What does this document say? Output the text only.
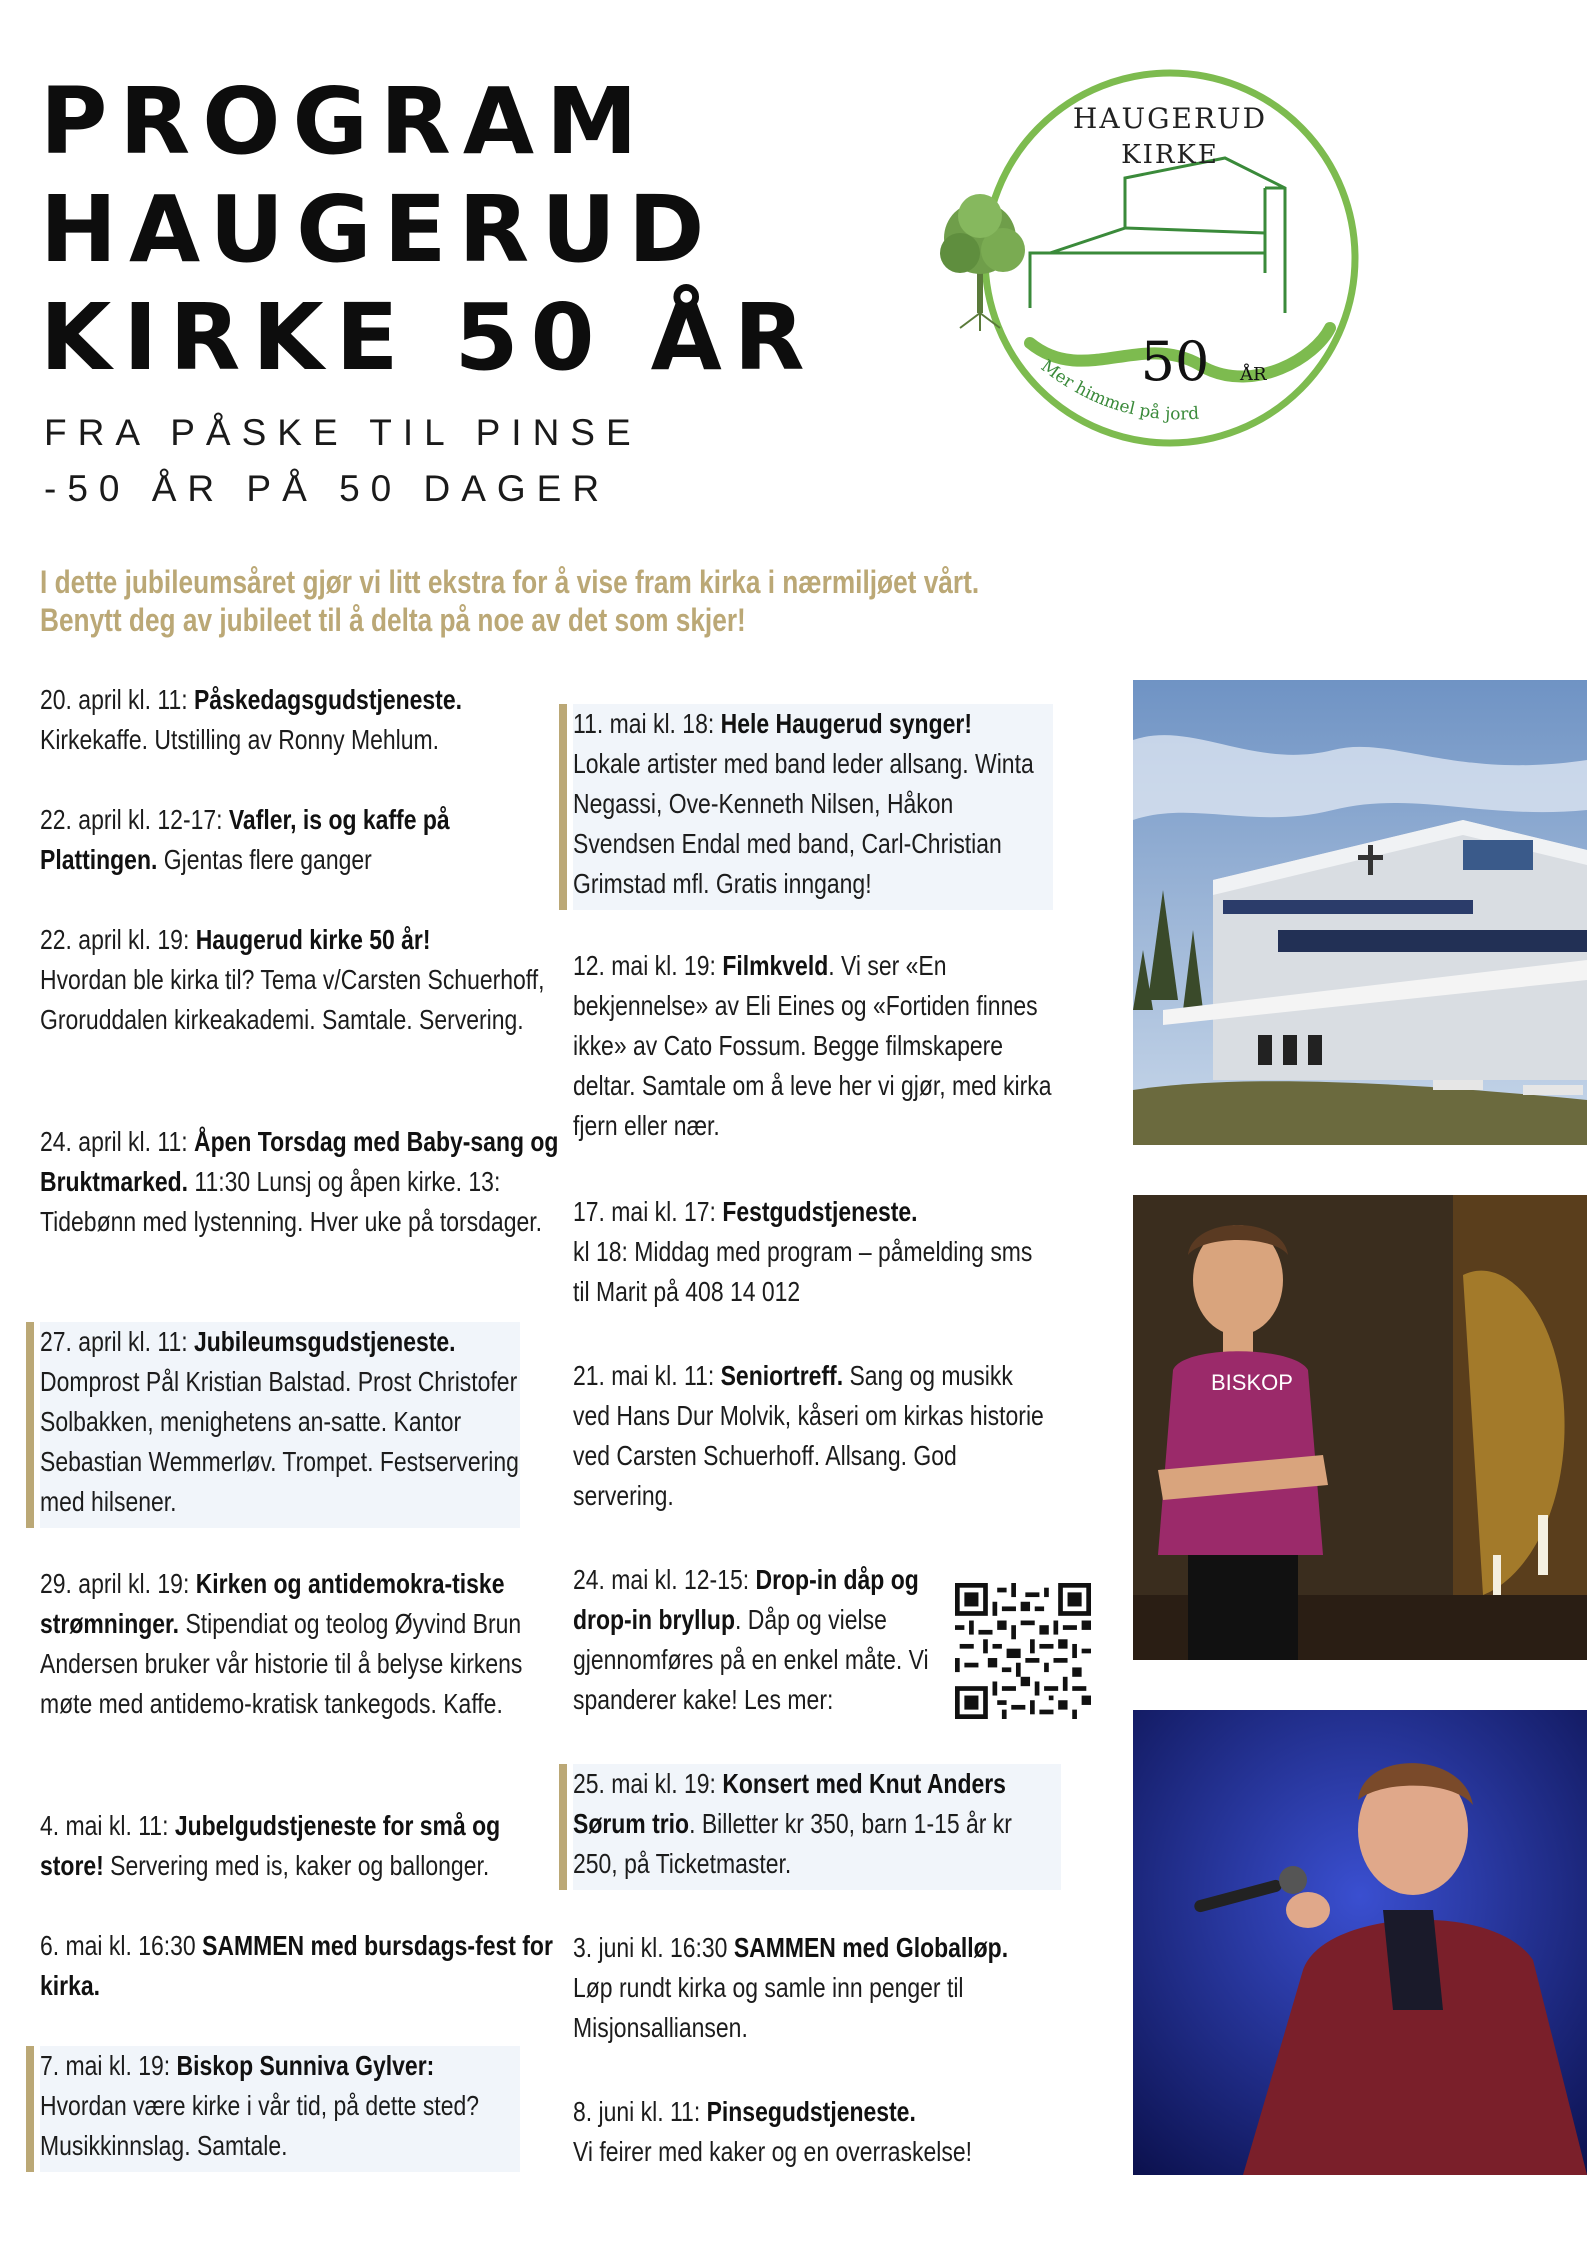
PROGRAM
HAUGERUD
KIRKE 50 ÅR
FRA PÅSKE TIL PINSE
-50 ÅR PÅ 50 DAGER
HAUGERUD
KIRKE
50 ÅR
Mer himmel på jord
I dette jubileumsåret gjør vi litt ekstra for å vise fram kirka i nærmiljøet vårt.
Benytt deg av jubileet til å delta på noe av det som skjer!
20. april kl. 11: Påskedagsgudstjeneste.
Kirkekaffe. Utstilling av Ronny Mehlum.
22. april kl. 12-17: Vafler, is og kaffe på Plattingen. Gjentas flere ganger
22. april kl. 19: Haugerud kirke 50 år!
Hvordan ble kirka til? Tema v/Carsten Schuerhoff, Groruddalen kirkeakademi. Samtale. Servering.
24. april kl. 11: Åpen Torsdag med Baby-sang og Bruktmarked. 11:30 Lunsj og åpen kirke. 13: Tidebønn med lystenning. Hver uke på torsdager.
27. april kl. 11: Jubileumsgudstjeneste.
Domprost Pål Kristian Balstad. Prost Christofer Solbakken, menighetens an-satte. Kantor Sebastian Wemmerløv. Trompet. Festservering med hilsener.
29. april kl. 19: Kirken og antidemokra-tiske strømninger. Stipendiat og teolog Øyvind Brun Andersen bruker vår historie til å belyse kirkens møte med antidemo-kratisk tankegods. Kaffe.
4. mai kl. 11: Jubelgudstjeneste for små og store! Servering med is, kaker og ballonger.
6. mai kl. 16:30 SAMMEN med bursdags-fest for kirka.
7. mai kl. 19: Biskop Sunniva Gylver:
Hvordan være kirke i vår tid, på dette sted? Musikkinnslag. Samtale.
11. mai kl. 18: Hele Haugerud synger!
Lokale artister med band leder allsang. Winta Negassi, Ove-Kenneth Nilsen, Håkon Svendsen Endal med band, Carl-Christian Grimstad mfl. Gratis inngang!
12. mai kl. 19: Filmkveld. Vi ser «En bekjennelse» av Eli Eines og «Fortiden finnes ikke» av Cato Fossum. Begge filmskapere deltar. Samtale om å leve her vi gjør, med kirka fjern eller nær.
17. mai kl. 17: Festgudstjeneste.
kl 18: Middag med program – påmelding sms til Marit på 408 14 012
21. mai kl. 11: Seniortreff. Sang og musikk ved Hans Dur Molvik, kåseri om kirkas historie ved Carsten Schuerhoff. Allsang. God servering.
24. mai kl. 12-15: Drop-in dåp og drop-in bryllup. Dåp og vielse gjennomføres på en enkel måte. Vi spanderer kake! Les mer:
25. mai kl. 19: Konsert med Knut Anders Sørum trio. Billetter kr 350, barn 1-15 år kr 250, på Ticketmaster.
3. juni kl. 16:30 SAMMEN med Globalløp.
Løp rundt kirka og samle inn penger til Misjonsalliansen.
8. juni kl. 11: Pinsegudstjeneste.
Vi feirer med kaker og en overraskelse!
BISKOP
